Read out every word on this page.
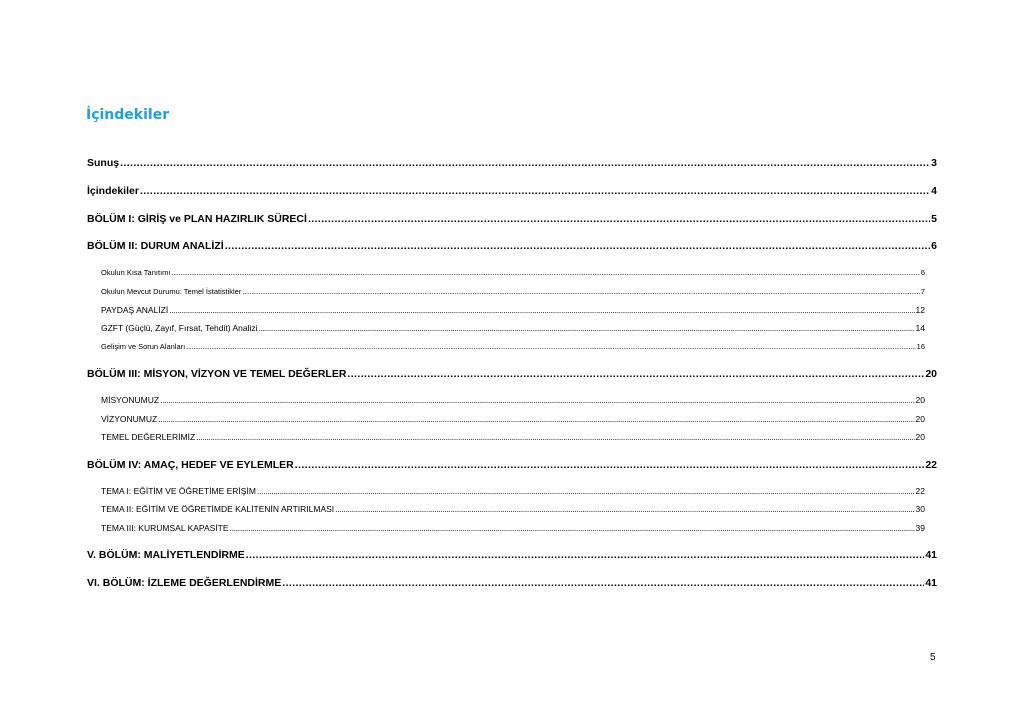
İçindekiler
Sunuş .....	3
İçindekiler .....	4
BÖLÜM I: GİRİŞ ve PLAN HAZIRLIK SÜRECİ .....	5
BÖLÜM II: DURUM ANALİZİ .....	6
Okulun Kısa Tanıtımı .....	6
Okulun Mevcut Durumu: Temel İstatistikler .....	7
PAYDAŞ ANALİZİ .....	12
GZFT (Güçlü, Zayıf, Fırsat, Tehdit) Analizi .....	14
Gelişim ve Sorun Alanları .....	16
BÖLÜM III: MİSYON, VİZYON VE TEMEL DEĞERLER .....	20
MİSYONUMUZ .....	20
VİZYONUMUZ .....	20
TEMEL DEĞERLERİMİZ .....	20
BÖLÜM IV: AMAÇ, HEDEF VE EYLEMLER .....	22
TEMA I: EĞİTİM VE ÖĞRETİME ERİŞİM .....	22
TEMA II: EĞİTİM VE ÖĞRETİMDE KALİTENİN ARTIRILMASI .....	30
TEMA III: KURUMSAL KAPASİTE .....	39
V. BÖLÜM: MALİYETLENDİRME .....	41
VI. BÖLÜM: İZLEME DEĞERLENDİRME .....	41
5
